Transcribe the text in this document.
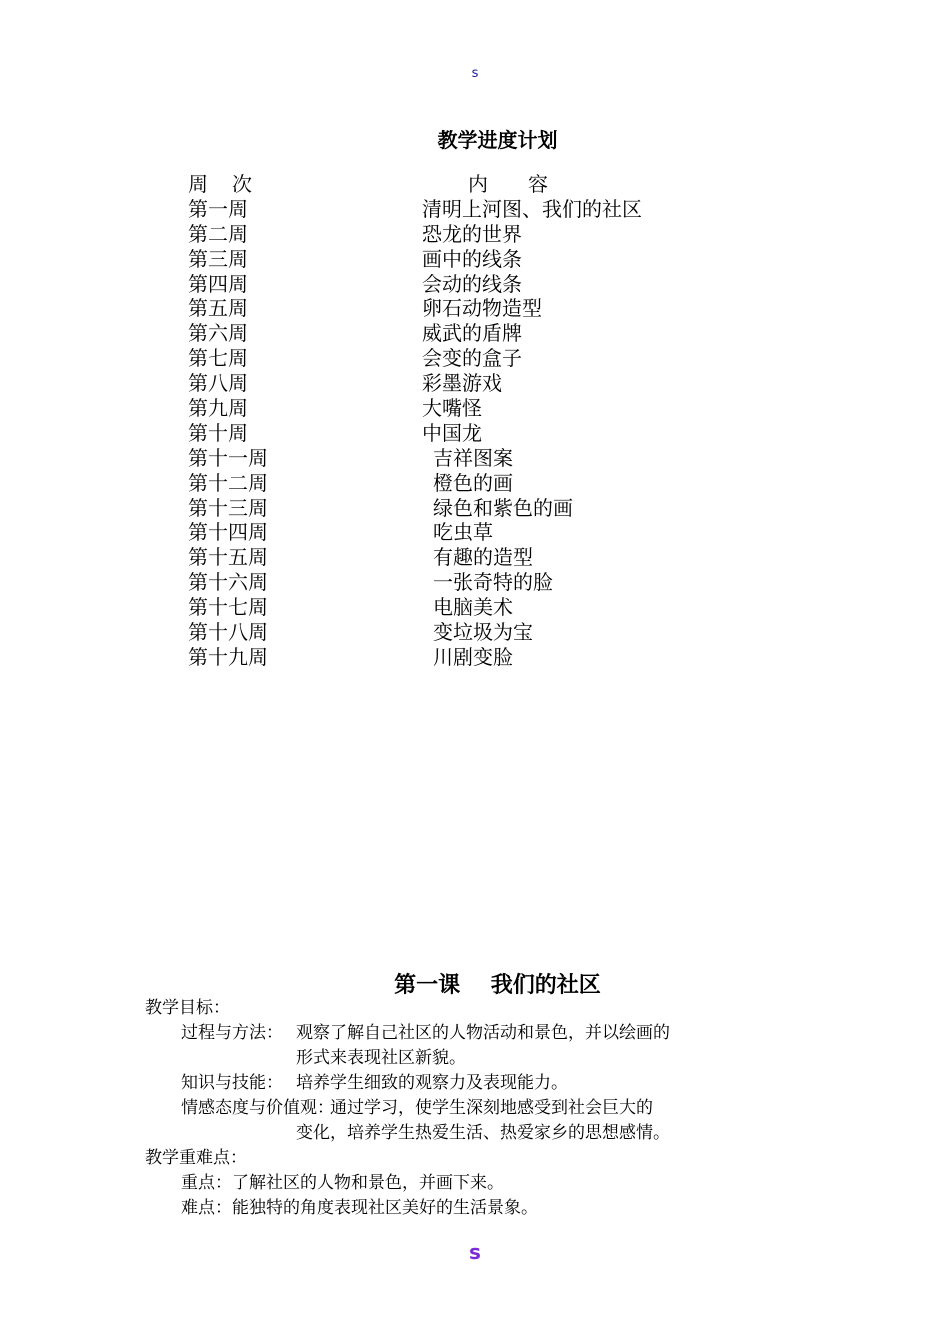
s
教学进度计划
周次	内容
第一周	清明上河图、我们的社区
第二周	恐龙的世界
第三周	画中的线条
第四周	会动的线条
第五周	卵石动物造型
第六周	威武的盾牌
第七周	会变的盒子
第八周	彩墨游戏
第九周	大嘴怪
第十周	中国龙
第十一周	吉祥图案
第十二周	橙色的画
第十三周	绿色和紫色的画
第十四周	吃虫草
第十五周	有趣的造型
第十六周	一张奇特的脸
第十七周	电脑美术
第十八周	变垃圾为宝
第十九周	川剧变脸
第一课    我们的社区
教学目标：
过程与方法： 观察了解自己社区的人物活动和景色，并以绘画的
形式来表现社区新貌。
知识与技能： 培养学生细致的观察力及表现能力。
情感态度与价值观：
通过学习，使学生深刻地感受到社会巨大的
变化，培养学生热爱生活、热爱家乡的思想感情。
教学重难点：
重点：了解社区的人物和景色，并画下来。
难点：能独特的角度表现社区美好的生活景象。
s
